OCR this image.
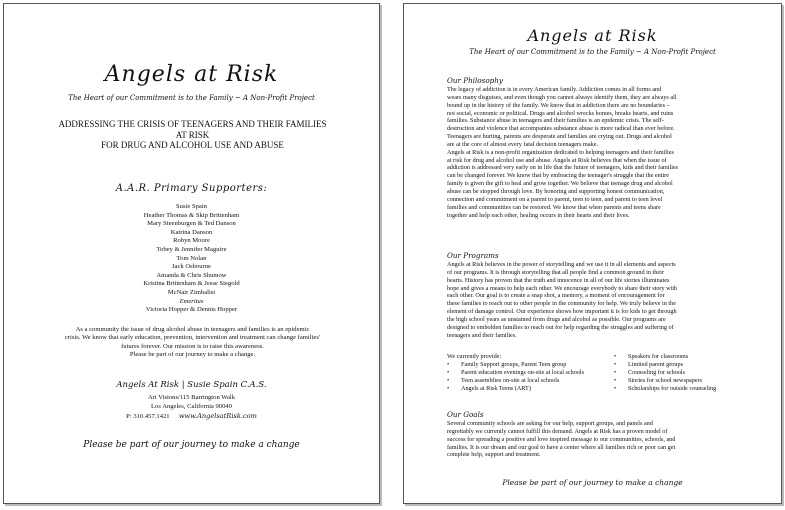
Angels at Risk
The Heart of our Commitment is to the Family ~ A Non-Profit Project
ADDRESSING THE CRISIS OF TEENAGERS AND THEIR FAMILIES
AT RISK
FOR DRUG AND ALCOHOL USE AND ABUSE
A.A.R. Primary Supporters:
Susie Spain
Heather Thomas & Skip Brittenham
Mary Steenburgen & Ted Danson
Katrina Danson
Robyn Moore
Tobey & Jennifer Maguire
Tom Nolan
Jack Osbourne
Amanda & Chris Shumow
Kristina Brittenham & Jesse Siegold
McNair Zimbalist
Emeritus
Victoria Hopper & Dennis Hopper
As a community the issue of drug alcohol abuse in teenagers and families is an epidemic
crisis. We know that early education, prevention, intervention and treatment can change families'
futures forever. Our mission is to raise this awareness.
Please be part of our journey to make a change.
Angels At Risk | Susie Spain C.A.S.
Art Visions/115 Barrington Walk
Los Angeles, California 90049
P: 310.457.1421 www.AngelsatRisk.com
Please be part of our journey to make a change
Angels at Risk
The Heart of our Commitment is to the Family ~ A Non-Profit Project
Our Philosophy
The legacy of addiction is in every American family. Addiction comes in all forms and
wears many disguises, and even though you cannot always identify them, they are always all
bound up in the history of the family. We know that in addiction there are no boundaries –
not social, economic or political. Drugs and alcohol wrecks homes, breaks hearts, and ruins
families. Substance abuse in teenagers and their families is an epidemic crisis. The self-
destruction and violence that accompanies substance abuse is more radical than ever before.
Teenagers are hurting, parents are desperate and families are crying out. Drugs and alcohol
are at the core of almost every fatal decision teenagers make.
Angels at Risk is a non-profit organization dedicated to helping teenagers and their families
at risk for drug and alcohol use and abuse. Angels at Risk believes that when the issue of
addiction is addressed very early on in life that the future of teenagers, kids and their families
can be changed forever. We know that by embracing the teenager's struggle that the entire
family is given the gift to heal and grow together. We believe that teenage drug and alcohol
abuse can be stopped through love. By honoring and supporting honest communication,
connection and commitment on a parent to parent, teen to teen, and parent to teen level
families and communities can be restored. We know that when parents and teens share
together and help each other, healing occurs in their hearts and their lives.
Our Programs
Angels at Risk believes in the power of storytelling and we use it in all elements and aspects
of our programs. It is through storytelling that all people find a common ground in their
hearts. History has proven that the truth and innocence in all of our life stories illuminates
hope and gives a means to help each other. We encourage everybody to share their story with
each other. Our goal is to create a snap shot, a memory, a moment of encouragement for
these families to reach out to other people in the community for help. We truly believe in the
element of damage control. Our experience shows how important it is for kids to get through
the high school years as unstained from drugs and alcohol as possible. Our programs are
designed to embolden families to reach out for help regarding the struggles and suffering of
teenagers and their families.
We currently provide:
• Family Support groups, Parent Teen group
• Parent education evenings on-site at local schools
• Teen assemblies on-site at local schools
• Angels at Risk Teens (ART)
• Speakers for classrooms
• Limited parent groups
• Counseling for schools
• Stories for school newspapers
• Scholarships for outside counseling
Our Goals
Several community schools are asking for our help, support groups, and panels and
regrettably we currently cannot fulfill this demand. Angels at Risk has a proven model of
success for spreading a positive and love inspired message to our communities, schools, and
families. It is our dream and our goal to have a center where all families rich or poor can get
complete help, support and treatment.
Please be part of our journey to make a change
